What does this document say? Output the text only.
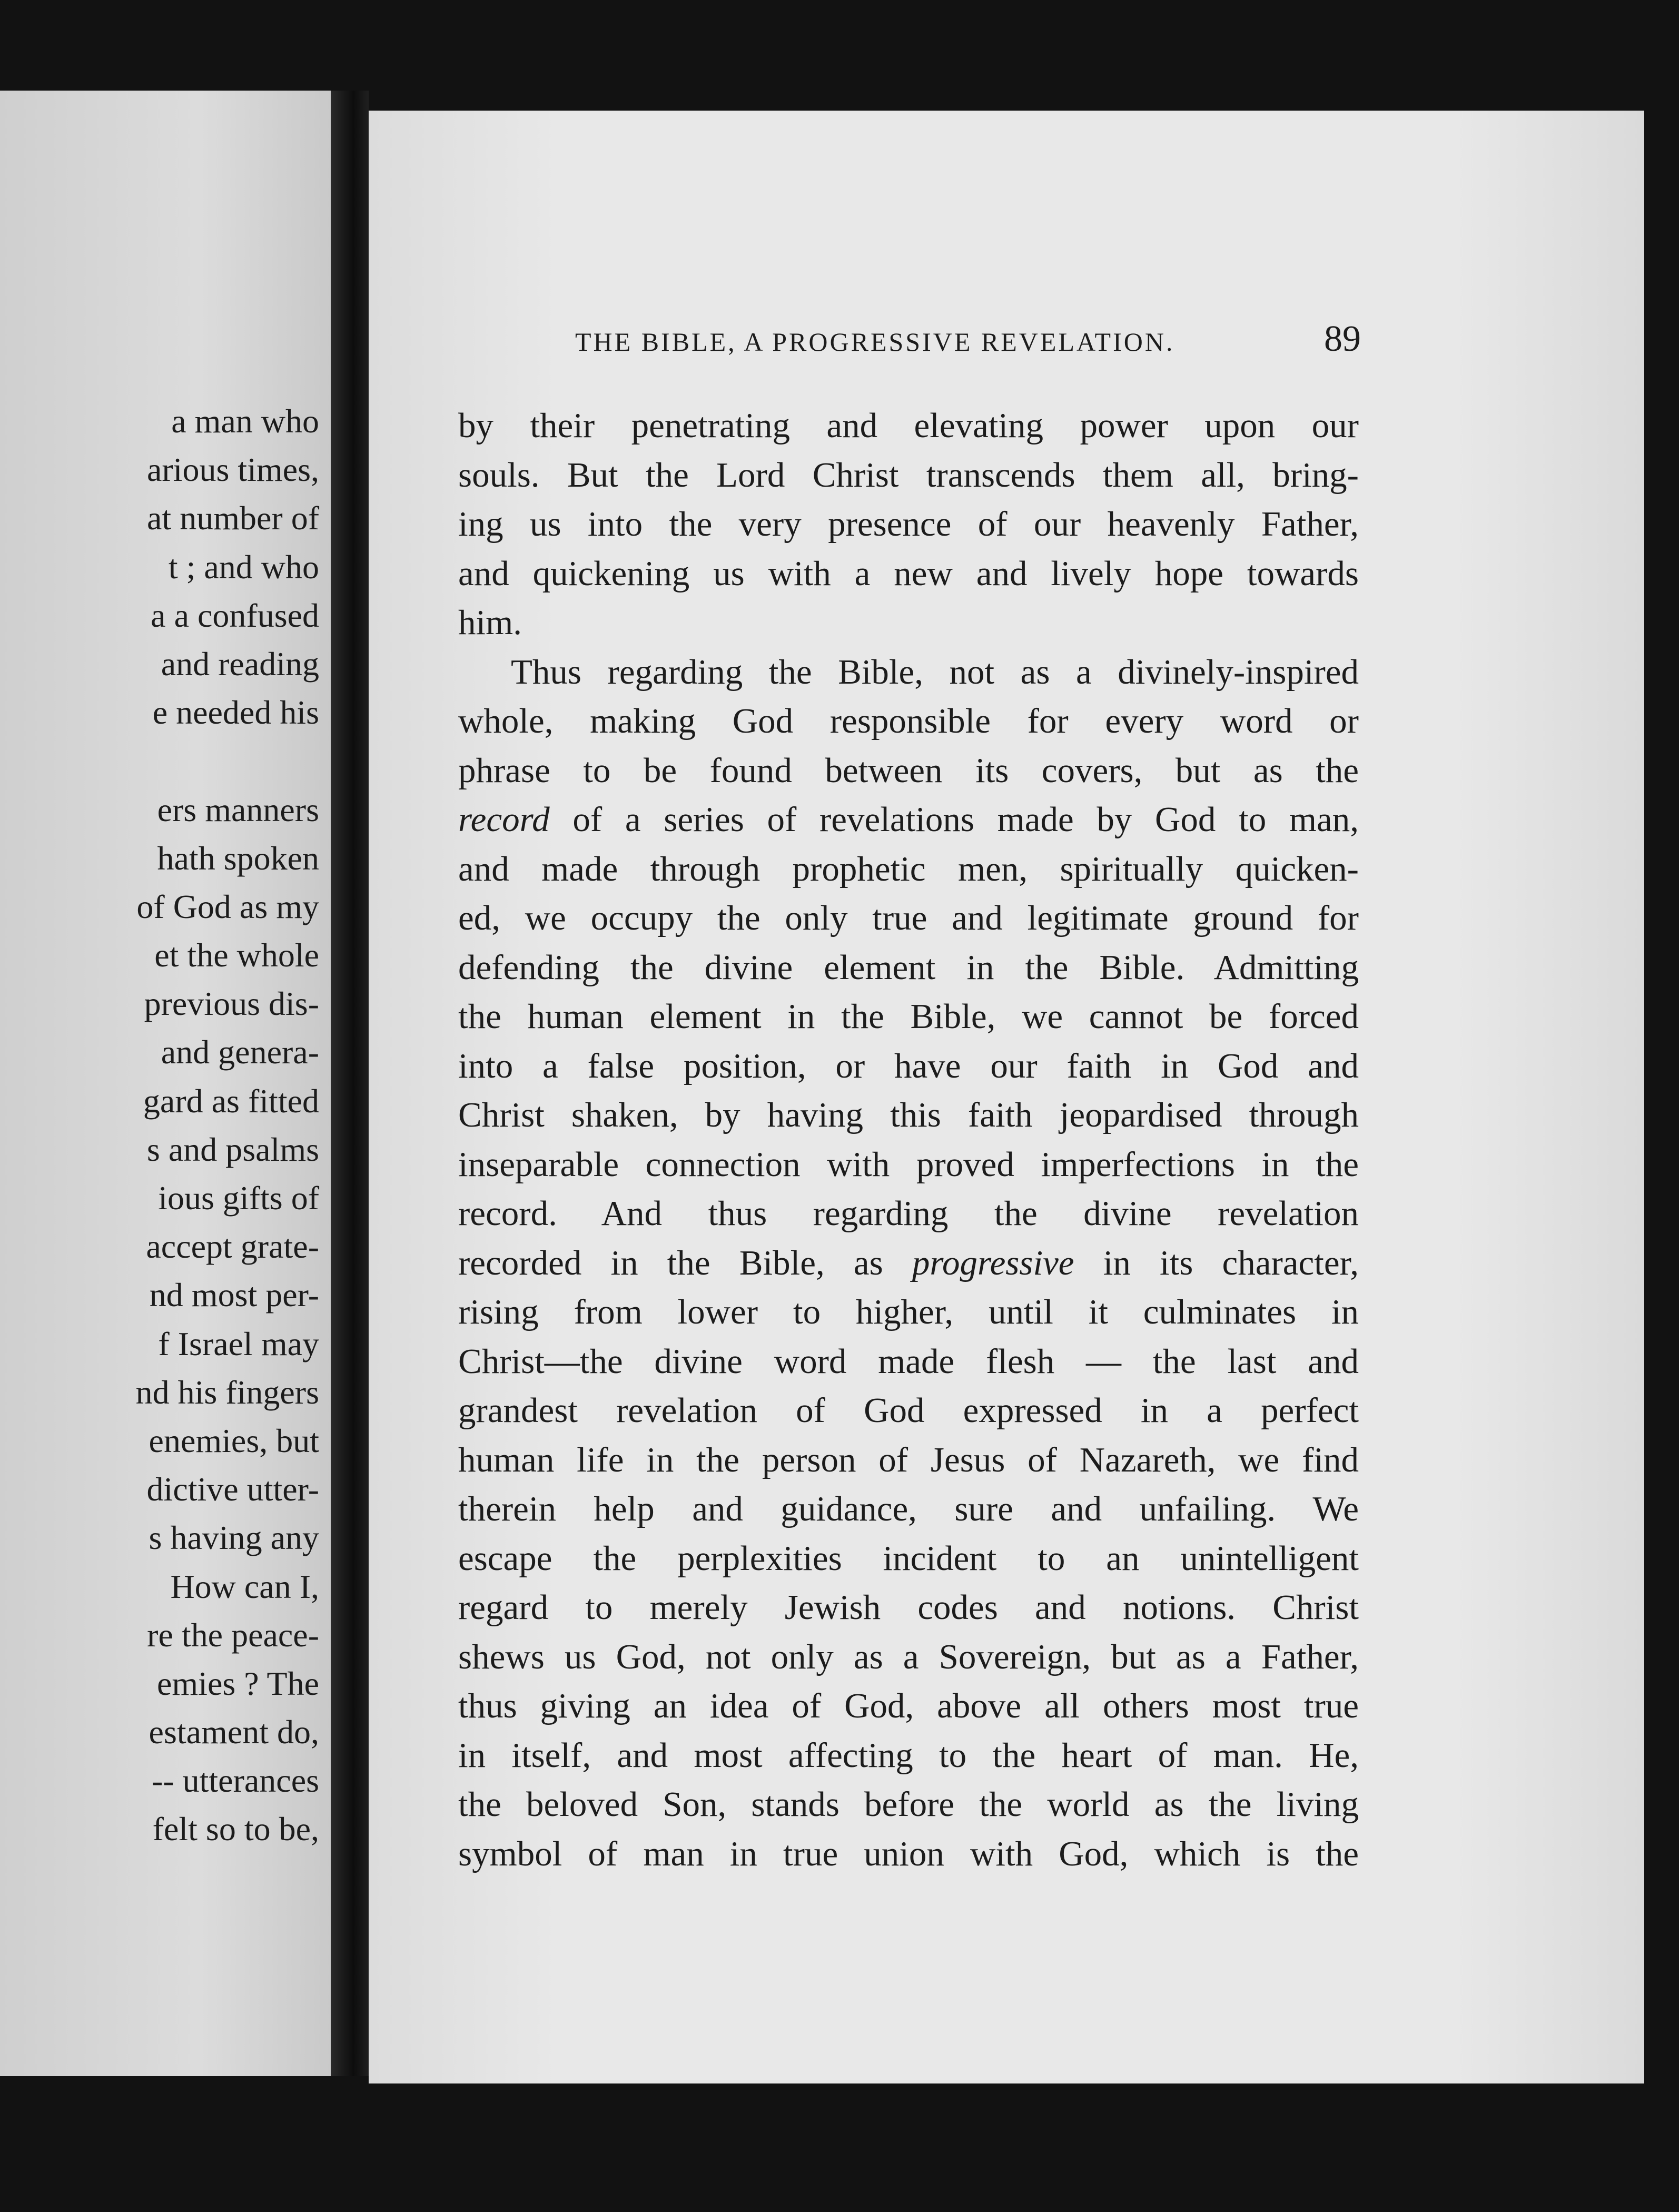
a man who
arious times,
at number of
t ; and who
a a confused
and reading
e needed his
ers manners
hath spoken
of God as my
et the whole
previous dis-
and genera-
gard as fitted
s and psalms
ious gifts of
accept grate-
nd most per-
f Israel may
nd his fingers
enemies, but
dictive utter-
s having any
How can I,
re the peace-
emies ? The
estament do,
-- utterances
felt so to be,
THE BIBLE, A PROGRESSIVE REVELATION.	89
by their penetrating and elevating power upon our
souls. But the Lord Christ transcends them all, bring-
ing us into the very presence of our heavenly Father,
and quickening us with a new and lively hope towards
him.
Thus regarding the Bible, not as a divinely-inspired
whole, making God responsible for every word or
phrase to be found between its covers, but as the
record of a series of revelations made by God to man,
and made through prophetic men, spiritually quicken-
ed, we occupy the only true and legitimate ground for
defending the divine element in the Bible. Admitting
the human element in the Bible, we cannot be forced
into a false position, or have our faith in God and
Christ shaken, by having this faith jeopardised through
inseparable connection with proved imperfections in the
record. And thus regarding the divine revelation
recorded in the Bible, as progressive in its character,
rising from lower to higher, until it culminates in
Christ—the divine word made flesh — the last and
grandest revelation of God expressed in a perfect
human life in the person of Jesus of Nazareth, we find
therein help and guidance, sure and unfailing. We
escape the perplexities incident to an unintelligent
regard to merely Jewish codes and notions. Christ
shews us God, not only as a Sovereign, but as a Father,
thus giving an idea of God, above all others most true
in itself, and most affecting to the heart of man. He,
the beloved Son, stands before the world as the living
symbol of man in true union with God, which is the
